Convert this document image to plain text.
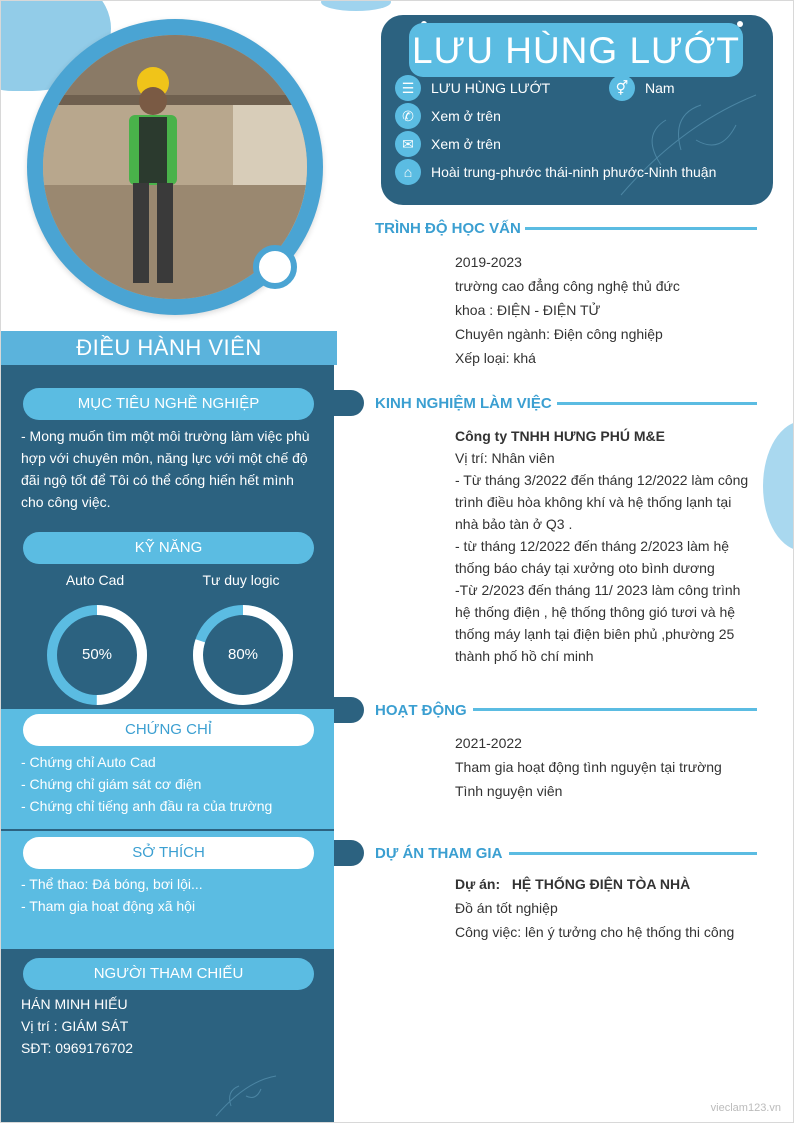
ĐIỀU HÀNH VIÊN
MỤC TIÊU NGHỀ NGHIỆP
- Mong muốn tìm một môi trường làm việc phù hợp với chuyên môn, năng lực với một chế độ đãi ngộ tốt để Tôi có thể cống hiến hết mình cho công việc.
KỸ NĂNG
Auto Cad	Tư duy logic
50%	80%
CHỨNG CHỈ
- Chứng chỉ Auto Cad
- Chứng chỉ giám sát cơ điện
- Chứng chỉ tiếng anh đầu ra của trường
SỞ THÍCH
- Thể thao: Đá bóng, bơi lội...
- Tham gia hoạt động xã hội
NGƯỜI THAM CHIẾU
HÁN MINH HIẾU
Vị trí : GIÁM SÁT
SĐT: 0969176702
LƯU HÙNG LƯỚT
☰	LƯU HÙNG LƯỚT	⚥	Nam
✆	Xem ở trên
✉	Xem ở trên
⌂	Hoài trung-phước thái-ninh phước-Ninh thuận
TRÌNH ĐỘ HỌC VẤN
2019-2023
trường cao đẳng công nghệ thủ đức
khoa : ĐIỆN - ĐIỆN TỬ
Chuyên ngành: Điện công nghiệp
Xếp loại: khá
KINH NGHIỆM LÀM VIỆC
Công ty TNHH HƯNG PHÚ M&E
Vị trí: Nhân viên
- Từ tháng 3/2022 đến tháng 12/2022 làm công trình điều hòa không khí và hệ thống lạnh tại nhà bảo tàn ở Q3 .
- từ tháng 12/2022 đến tháng 2/2023 làm hệ thống báo cháy tại xưởng oto bình dương
-Từ 2/2023 đến tháng 11/ 2023 làm công trình hệ thống điện , hệ thống thông gió tươi và hệ thống máy lạnh tại điện biên phủ ,phường 25 thành phố hồ chí minh
HOẠT ĐỘNG
2021-2022
Tham gia hoạt động tình nguyện tại trường
Tình nguyện viên
DỰ ÁN THAM GIA
Dự án: HỆ THỐNG ĐIỆN TÒA NHÀ
Đồ án tốt nghiệp
Công việc: lên ý tưởng cho hệ thống thi công
vieclam123.vn
